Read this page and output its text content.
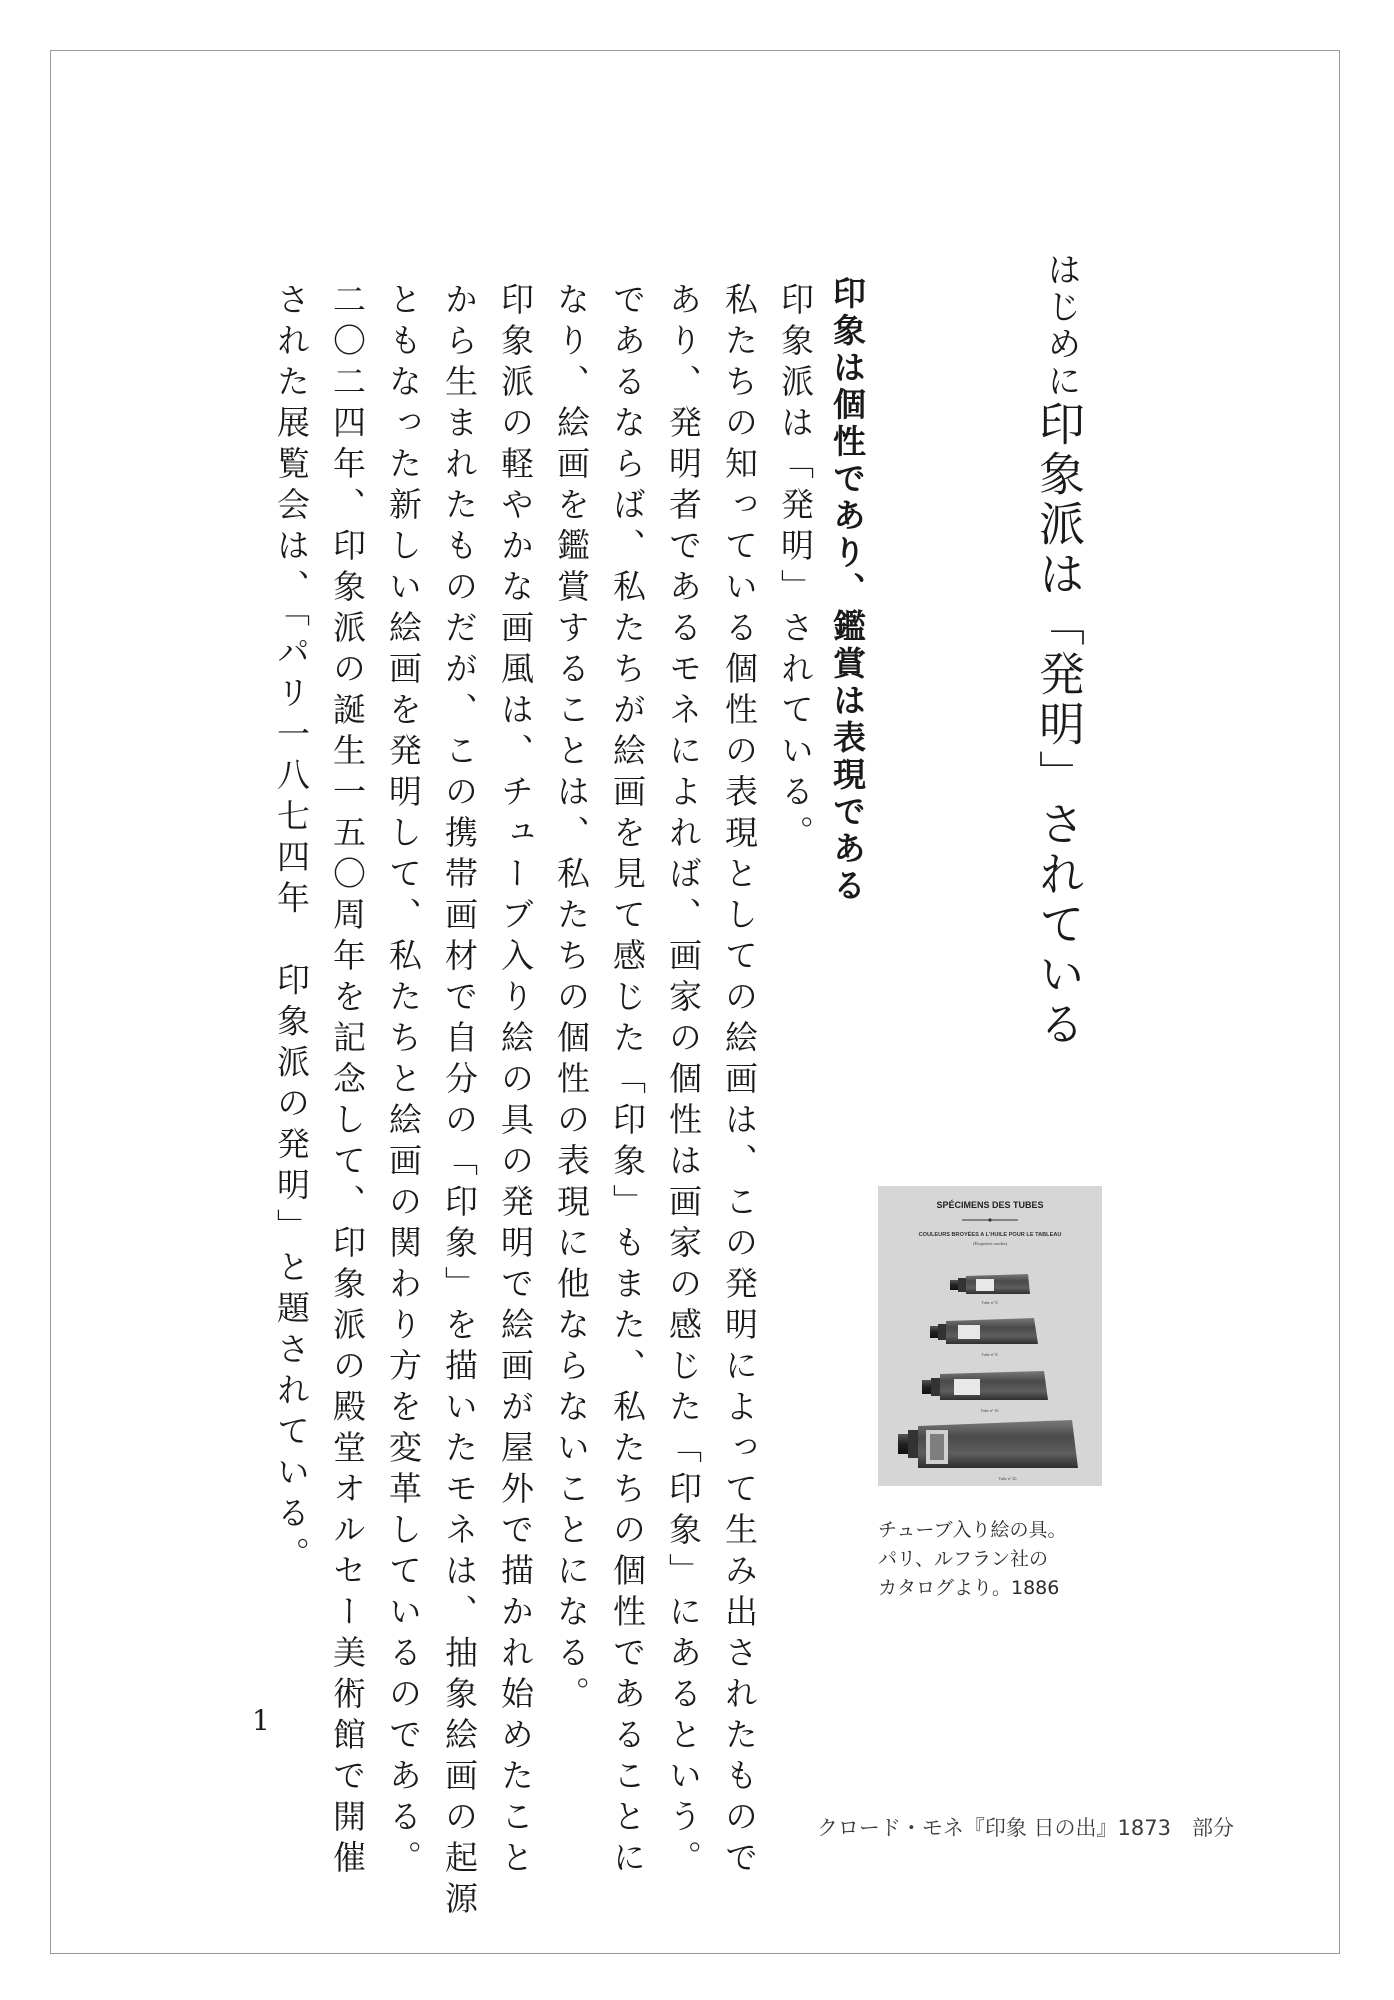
はじめに
印象派は「発明」されている
印象は個性であり、鑑賞は表現である
印象派は「発明」されている。
私たちの知っている個性の表現としての絵画は、この発明によって生み出されたもので
あり、発明者であるモネによれば、画家の個性は画家の感じた「印象」にあるという。
であるならば、私たちが絵画を見て感じた「印象」もまた、私たちの個性であることに
なり、絵画を鑑賞することは、私たちの個性の表現に他ならないことになる。
印象派の軽やかな画風は、チューブ入り絵の具の発明で絵画が屋外で描かれ始めたこと
から生まれたものだが、この携帯画材で自分の「印象」を描いたモネは、抽象絵画の起源
ともなった新しい絵画を発明して、私たちと絵画の関わり方を変革しているのである。
二〇二四年、印象派の誕生一五〇周年を記念して、印象派の殿堂オルセー美術館で開催
された展覧会は、「パリ一八七四年　印象派の発明」と題されている。	SPÉCIMENS DES TUBES
COULEURS BROYÉES A L'HUILE POUR LE TABLEAU
(Étiquettes rondes)
Tube n° 8.
Tube n° 8.
Tube n° 10.
Tube n° 20.
チューブ入り絵の具。
パリ、ルフラン社の
カタログより。1886
1
クロード・モネ『印象 日の出』1873　部分
